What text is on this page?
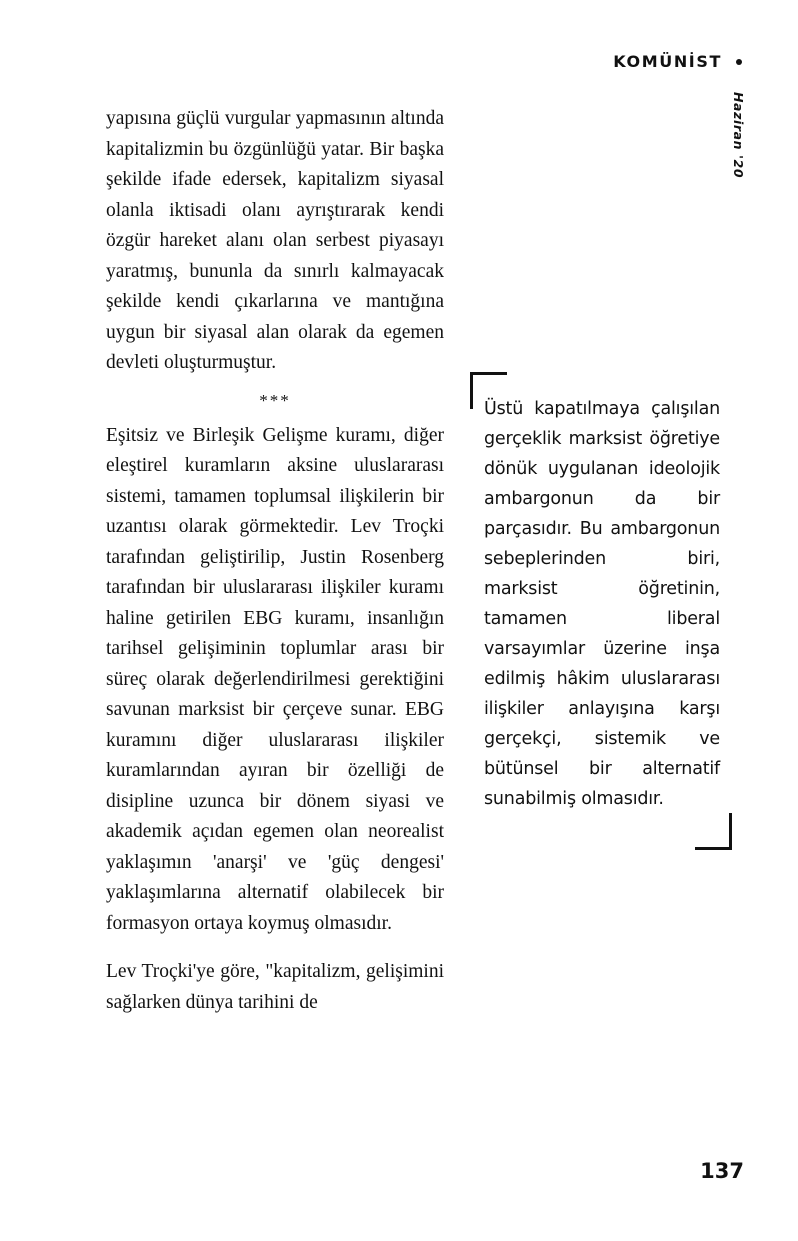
KOMÜNİST
Haziran '20

yapısına güçlü vurgular yapmasının altında kapitalizmin bu özgünlüğü yatar. Bir başka şekilde ifade edersek, kapitalizm siyasal olanla iktisadi olanı ayrıştırarak kendi özgür hareket alanı olan serbest piyasayı yaratmış, bununla da sınırlı kalmayacak şekilde kendi çıkarlarına ve mantığına uygun bir siyasal alan olarak da egemen devleti oluşturmuştur.

***

Eşitsiz ve Birleşik Gelişme kuramı, diğer eleştirel kuramların aksine uluslararası sistemi, tamamen toplumsal ilişkilerin bir uzantısı olarak görmektedir. Lev Troçki tarafından geliştirilip, Justin Rosenberg tarafından bir uluslararası ilişkiler kuramı haline getirilen EBG kuramı, insanlığın tarihsel gelişiminin toplumlar arası bir süreç olarak değerlendirilmesi gerektiğini savunan marksist bir çerçeve sunar. EBG kuramını diğer uluslararası ilişkiler kuramlarından ayıran bir özelliği de disipline uzunca bir dönem siyasi ve akademik açıdan egemen olan neorealist yaklaşımın 'anarşi' ve 'güç dengesi' yaklaşımlarına alternatif olabilecek bir formasyon ortaya koymuş olmasıdır.

Lev Troçki'ye göre, "kapitalizm, gelişimini sağlarken dünya tarihini de

Üstü kapatılmaya çalışılan gerçeklik marksist öğretiye dönük uygulanan ideolojik ambargonun da bir parçasıdır. Bu ambargonun sebeplerinden biri, marksist öğretinin, tamamen liberal varsayımlar üzerine inşa edilmiş hâkim uluslararası ilişkiler anlayışına karşı gerçekçi, sistemik ve bütünsel bir alternatif sunabilmiş olmasıdır.
137
